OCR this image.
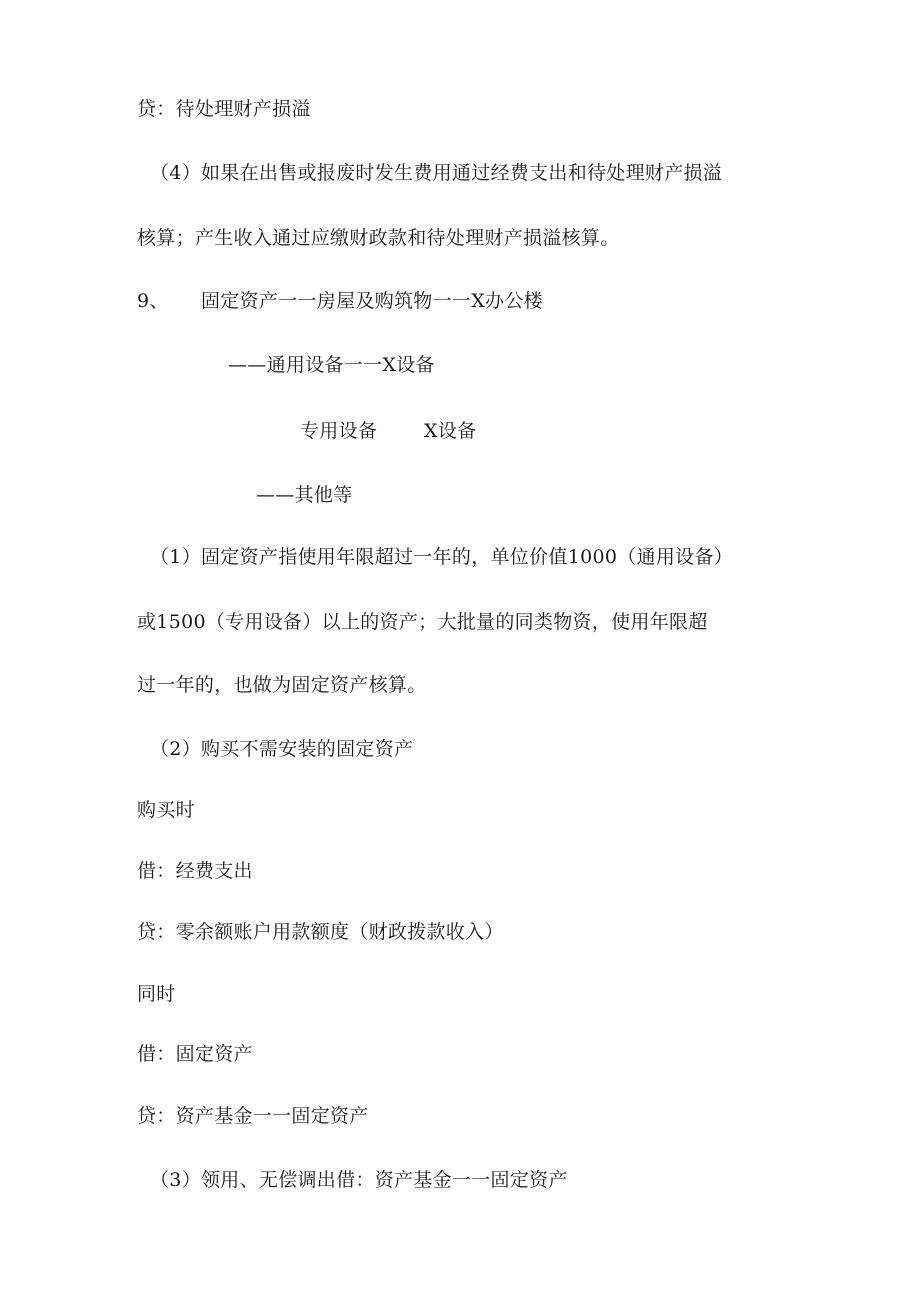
贷：待处理财产损溢
（4）如果在出售或报废时发生费用通过经费支出和待处理财产损溢
核算；产生收入通过应缴财政款和待处理财产损溢核算。
9、 固定资产一一房屋及购筑物一一X办公楼
——通用设备一一X设备
专用设备 X设备
——其他等
（1）固定资产指使用年限超过一年的，单位价值1000（通用设备）
或1500（专用设备）以上的资产；大批量的同类物资，使用年限超
过一年的，也做为固定资产核算。
（2）购买不需安装的固定资产
购买时
借：经费支出
贷：零余额账户用款额度（财政拨款收入）
同时
借：固定资产
贷：资产基金一一固定资产
（3）领用、无偿调出借：资产基金一一固定资产
